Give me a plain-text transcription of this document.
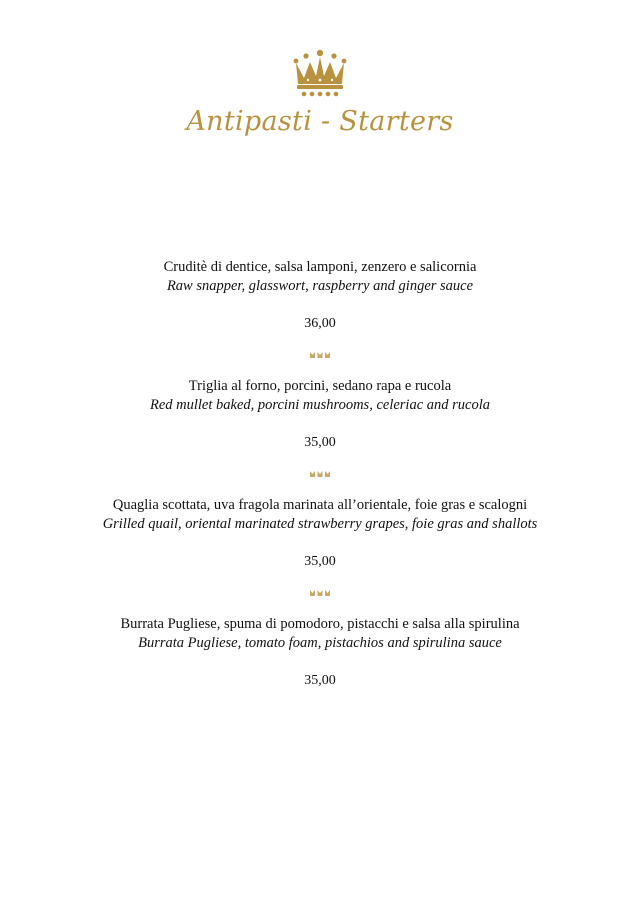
Antipasti - Starters
Cruditè di dentice, salsa lamponi, zenzero e salicornia
Raw snapper, glasswort, raspberry and ginger sauce
36,00
Triglia al forno, porcini, sedano rapa e rucola
Red mullet baked, porcini mushrooms, celeriac and rucola
35,00
Quaglia scottata, uva fragola marinata all’orientale, foie gras e scalogni
Grilled quail, oriental marinated strawberry grapes, foie gras and shallots
35,00
Burrata Pugliese, spuma di pomodoro, pistacchi e salsa alla spirulina
Burrata Pugliese, tomato foam, pistachios and spirulina sauce
35,00
